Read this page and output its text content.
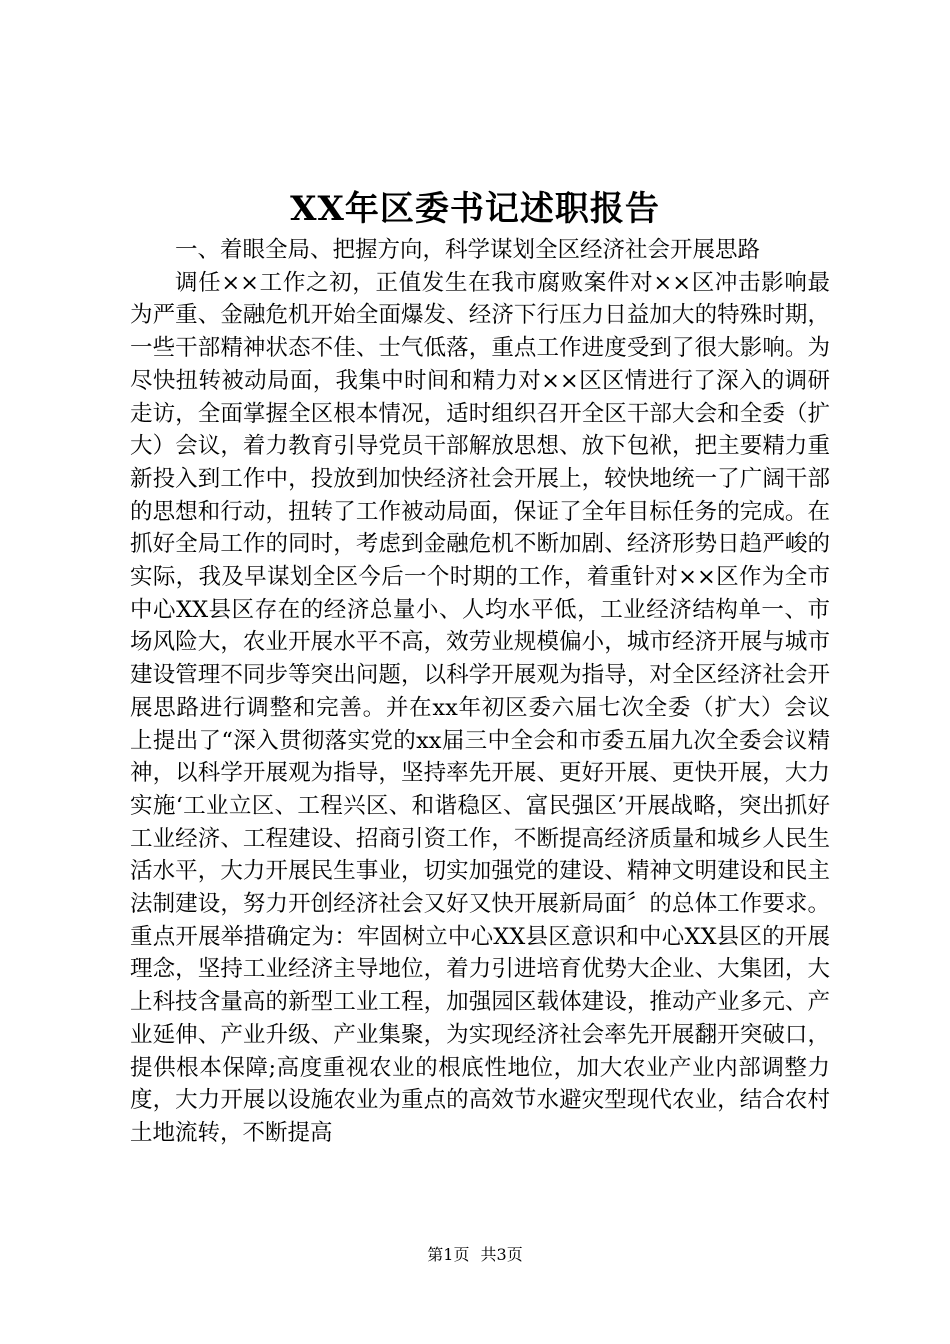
XX年区委书记述职报告

一、着眼全局、把握方向，科学谋划全区经济社会开展思路

调任××工作之初，正值发生在我市腐败案件对××区冲击影响最为严重、金融危机开始全面爆发、经济下行压力日益加大的特殊时期，一些干部精神状态不佳、士气低落，重点工作进度受到了很大影响。为尽快扭转被动局面，我集中时间和精力对××区区情进行了深入的调研走访，全面掌握全区根本情况，适时组织召开全区干部大会和全委（扩大）会议，着力教育引导党员干部解放思想、放下包袱，把主要精力重新投入到工作中，投放到加快经济社会开展上，较快地统一了广阔干部的思想和行动，扭转了工作被动局面，保证了全年目标任务的完成。在抓好全局工作的同时，考虑到金融危机不断加剧、经济形势日趋严峻的实际，我及早谋划全区今后一个时期的工作，着重针对××区作为全市中心XX县区存在的经济总量小、人均水平低，工业经济结构单一、市场风险大，农业开展水平不高，效劳业规模偏小，城市经济开展与城市建设管理不同步等突出问题，以科学开展观为指导，对全区经济社会开展思路进行调整和完善。并在xx年初区委六届七次全委（扩大）会议上提出了“深入贯彻落实党的xx届三中全会和市委五届九次全委会议精神，以科学开展观为指导，坚持率先开展、更好开展、更快开展，大力实施‘工业立区、工程兴区、和谐稳区、富民强区’开展战略，突出抓好工业经济、工程建设、招商引资工作，不断提高经济质量和城乡人民生活水平，大力开展民生事业，切实加强党的建设、精神文明建设和民主法制建设，努力开创经济社会又好又快开展新局面〞的总体工作要求。重点开展举措确定为：牢固树立中心XX县区意识和中心XX县区的开展理念，坚持工业经济主导地位，着力引进培育优势大企业、大集团，大上科技含量高的新型工业工程，加强园区载体建设，推动产业多元、产业延伸、产业升级、产业集聚，为实现经济社会率先开展翻开突破口，提供根本保障;高度重视农业的根底性地位，加大农业产业内部调整力度，大力开展以设施农业为重点的高效节水避灾型现代农业，结合农村土地流转，不断提高

第1页 共3页
